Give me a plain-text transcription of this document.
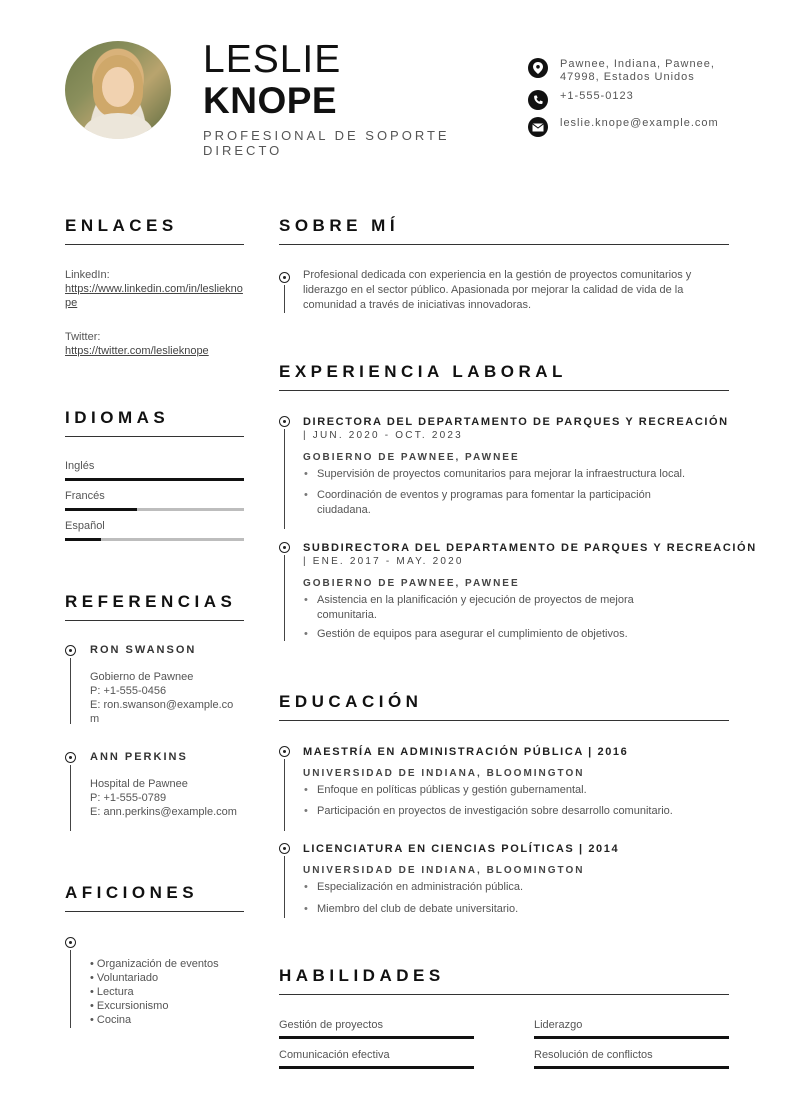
LESLIE
KNOPE
PROFESIONAL DE SOPORTE DIRECTO
Pawnee, Indiana, Pawnee, 47998, Estados Unidos
+1-555-0123
leslie.knope@example.com
ENLACES
LinkedIn:
https://www.linkedin.com/in/leslieknope
Twitter:
https://twitter.com/leslieknope
IDIOMAS
Inglés
Francés
Español
REFERENCIAS
RON SWANSON
Gobierno de Pawnee
P: +1-555-0456
E: ron.swanson@example.com
ANN PERKINS
Hospital de Pawnee
P: +1-555-0789
E: ann.perkins@example.com
AFICIONES
• Organización de eventos
• Voluntariado
• Lectura
• Excursionismo
• Cocina
SOBRE MÍ
Profesional dedicada con experiencia en la gestión de proyectos comunitarios y liderazgo en el sector público. Apasionada por mejorar la calidad de vida de la comunidad a través de iniciativas innovadoras.
EXPERIENCIA LABORAL
DIRECTORA DEL DEPARTAMENTO DE PARQUES Y RECREACIÓN
| JUN. 2020 - OCT. 2023
GOBIERNO DE PAWNEE, PAWNEE
• Supervisión de proyectos comunitarios para mejorar la infraestructura local.
• Coordinación de eventos y programas para fomentar la participación ciudadana.
SUBDIRECTORA DEL DEPARTAMENTO DE PARQUES Y RECREACIÓN
| ENE. 2017 - MAY. 2020
GOBIERNO DE PAWNEE, PAWNEE
• Asistencia en la planificación y ejecución de proyectos de mejora comunitaria.
• Gestión de equipos para asegurar el cumplimiento de objetivos.
EDUCACIÓN
MAESTRÍA EN ADMINISTRACIÓN PÚBLICA | 2016
UNIVERSIDAD DE INDIANA, BLOOMINGTON
• Enfoque en políticas públicas y gestión gubernamental.
• Participación en proyectos de investigación sobre desarrollo comunitario.
LICENCIATURA EN CIENCIAS POLÍTICAS | 2014
UNIVERSIDAD DE INDIANA, BLOOMINGTON
• Especialización en administración pública.
• Miembro del club de debate universitario.
HABILIDADES
Gestión de proyectos	Liderazgo
Comunicación efectiva	Resolución de conflictos
